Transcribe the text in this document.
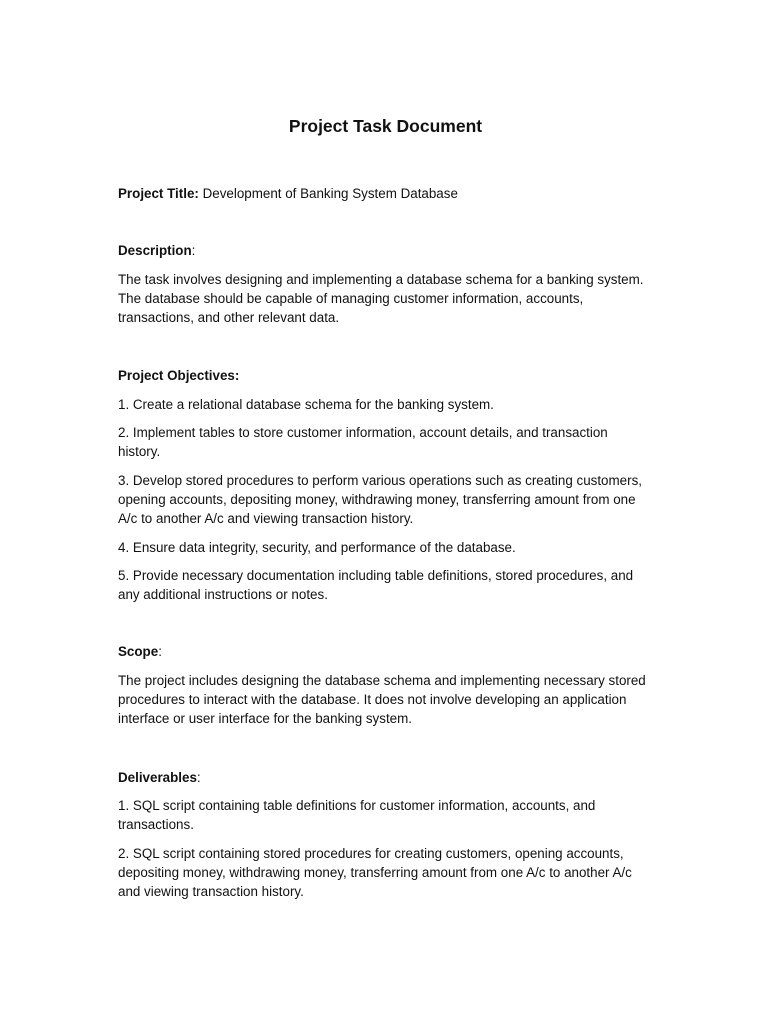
Project Task Document

Project Title: Development of Banking System Database

Description:

The task involves designing and implementing a database schema for a banking system. The database should be capable of managing customer information, accounts, transactions, and other relevant data.

Project Objectives:

1. Create a relational database schema for the banking system.

2. Implement tables to store customer information, account details, and transaction history.

3. Develop stored procedures to perform various operations such as creating customers, opening accounts, depositing money, withdrawing money, transferring amount from one A/c to another A/c and viewing transaction history.

4. Ensure data integrity, security, and performance of the database.

5. Provide necessary documentation including table definitions, stored procedures, and any additional instructions or notes.

Scope:

The project includes designing the database schema and implementing necessary stored procedures to interact with the database. It does not involve developing an application interface or user interface for the banking system.

Deliverables:

1. SQL script containing table definitions for customer information, accounts, and transactions.

2. SQL script containing stored procedures for creating customers, opening accounts, depositing money, withdrawing money, transferring amount from one A/c to another A/c and viewing transaction history.
